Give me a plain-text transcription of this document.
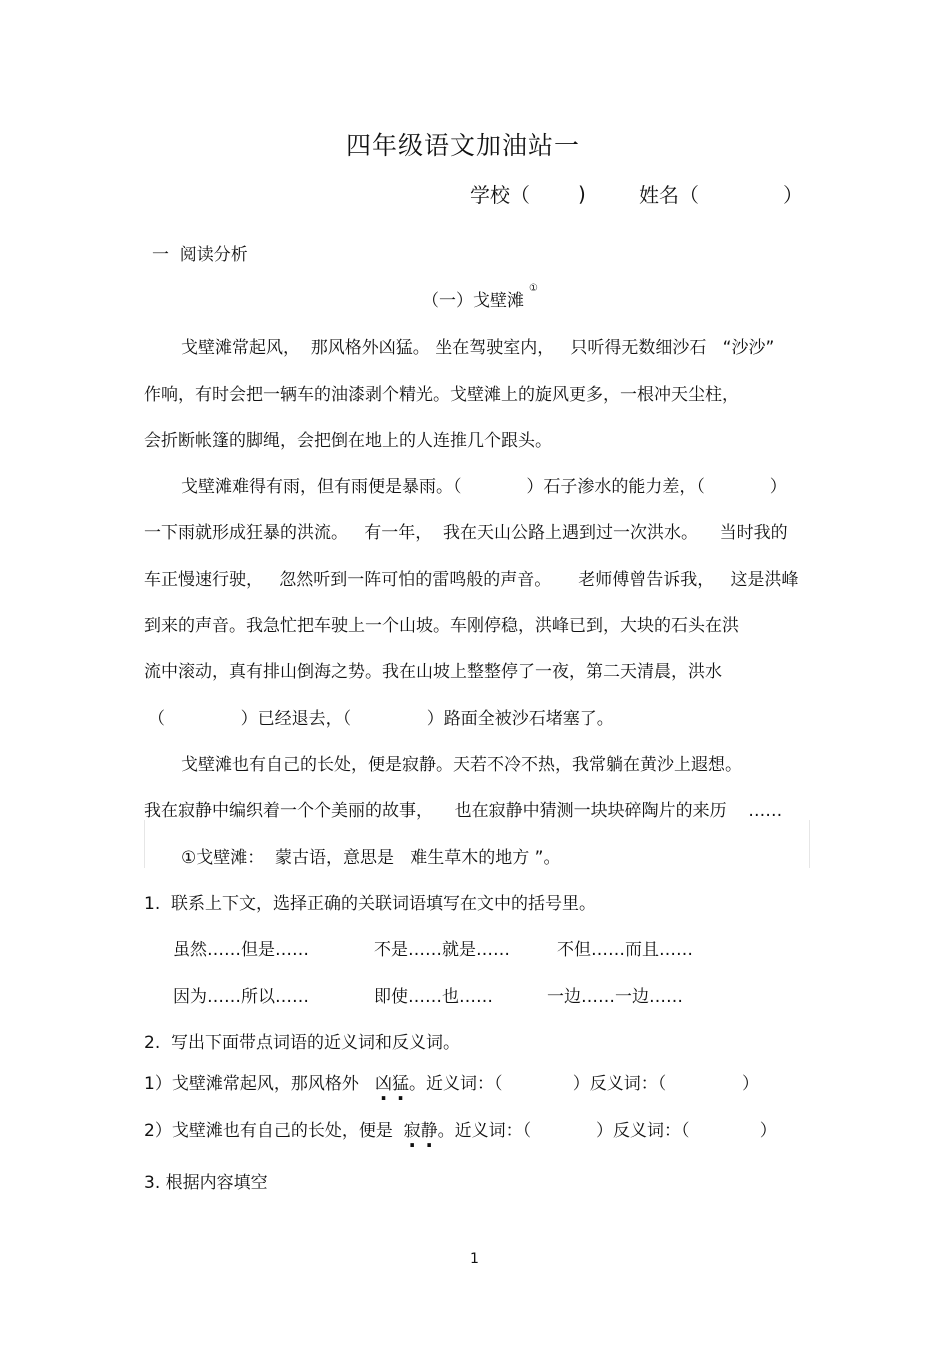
四年级语文加油站一
学校（ )	姓名（	）
一  阅读分析
（一）戈壁滩
①
戈壁滩常起风，  那风格外凶猛。 坐在驾驶室内，   只听得无数细沙石   “沙沙”
作响，有时会把一辆车的油漆剥个精光。戈壁滩上的旋风更多，一根冲天尘柱，
会折断帐篷的脚绳，会把倒在地上的人连推几个跟头。
戈壁滩难得有雨，但有雨便是暴雨。（            ）石子渗水的能力差，（            ）
一下雨就形成狂暴的洪流。   有一年，  我在天山公路上遇到过一次洪水。    当时我的
车正慢速行驶，   忽然听到一阵可怕的雷鸣般的声音。     老师傅曾告诉我，   这是洪峰
到来的声音。我急忙把车驶上一个山坡。车刚停稳，洪峰已到，大块的石头在洪
流中滚动，真有排山倒海之势。我在山坡上整整停了一夜，第二天清晨，洪水
（              ）已经退去，（              ）路面全被沙石堵塞了。
戈壁滩也有自己的长处，便是寂静。天若不冷不热，我常躺在黄沙上遐想。
我在寂静中编织着一个个美丽的故事，    也在寂静中猜测一块块碎陶片的来历    ……
①戈壁滩：  蒙古语，意思是   难生草木的地方 ”。
1.  联系上下文，选择正确的关联词语填写在文中的括号里。
虽然……但是……	不是……就是……	不但……而且……
因为……所以……	即使……也……	一边……一边……
2.  写出下面带点词语的近义词和反义词。
1）戈壁滩常起风，那风格外 凶猛。近义词：（             ）反义词：（              ）
2）戈壁滩也有自己的长处，便是 寂静。近义词：（            ）反义词：（             ）
3. 根据内容填空
1
